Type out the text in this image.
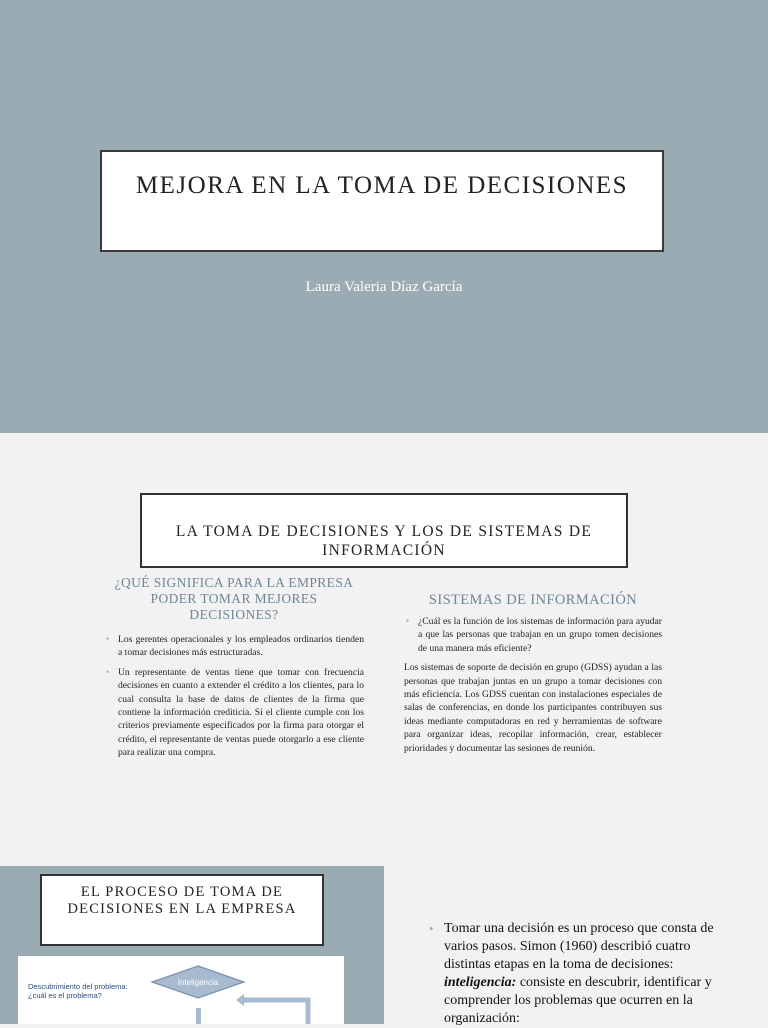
MEJORA EN LA TOMA DE DECISIONES
Laura Valeria Díaz García
LA TOMA DE DECISIONES Y LOS DE SISTEMAS DE INFORMACIÓN
¿QUÉ SIGNIFICA PARA LA EMPRESA PODER TOMAR MEJORES DECISIONES?
• Los gerentes operacionales y los empleados ordinarios tienden a tomar decisiones más estructuradas.
• Un representante de ventas tiene que tomar con frecuencia decisiones en cuanto a extender el crédito a los clientes, para lo cual consulta la base de datos de clientes de la firma que contiene la información crediticia. Si el cliente cumple con los criterios previamente especificados por la firma para otorgar el crédito, el representante de ventas puede otorgarlo a ese cliente para realizar una compra.
SISTEMAS DE INFORMACIÓN
• ¿Cuál es la función de los sistemas de información para ayudar a que las personas que trabajan en un grupo tomen decisiones de una manera más eficiente?

Los sistemas de soporte de decisión en grupo (GDSS) ayudan a las personas que trabajan juntas en un grupo a tomar decisiones con más eficiencia. Los GDSS cuentan con instalaciones especiales de salas de conferencias, en donde los participantes contribuyen sus ideas mediante computadoras en red y herramientas de software para organizar ideas, recopilar información, crear, establecer prioridades y documentar las sesiones de reunión.

EL PROCESO DE TOMA DE DECISIONES EN LA EMPRESA
Inteligencia
Descubrimiento del problema:
¿cuál es el problema?
• Tomar una decisión es un proceso que consta de varios pasos. Simon (1960) describió cuatro distintas etapas en la toma de decisiones: inteligencia: consiste en descubrir, identificar y comprender los problemas que ocurren en la organización:
